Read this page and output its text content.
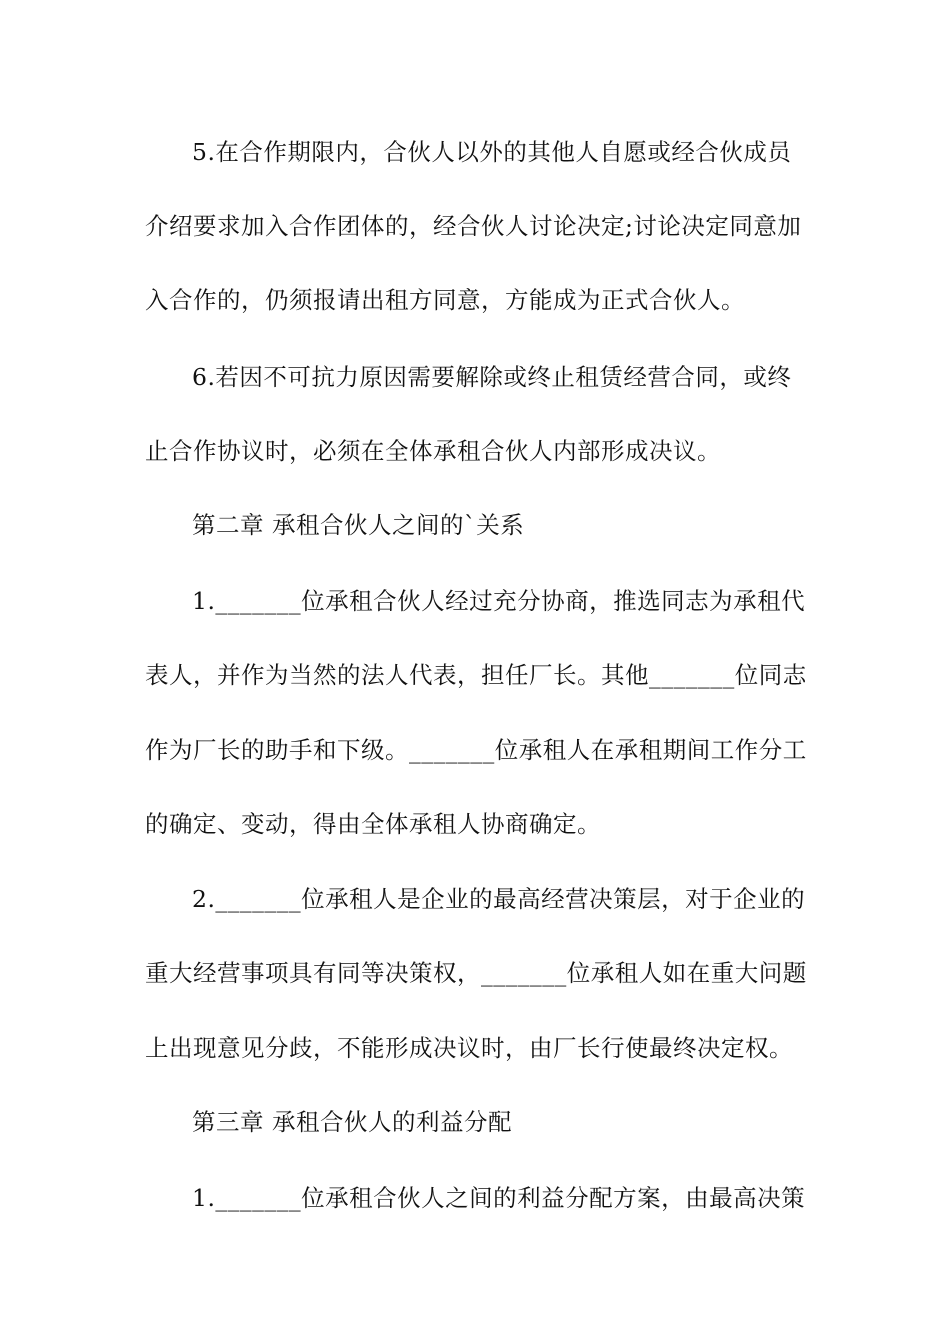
5.在合作期限内，合伙人以外的其他人自愿或经合伙成员
介绍要求加入合作团体的，经合伙人讨论决定;讨论决定同意加
入合作的，仍须报请出租方同意，方能成为正式合伙人。
6.若因不可抗力原因需要解除或终止租赁经营合同，或终
止合作协议时，必须在全体承租合伙人内部形成决议。
第二章 承租合伙人之间的`关系
1._______位承租合伙人经过充分协商，推选同志为承租代
表人，并作为当然的法人代表，担任厂长。其他_______位同志
作为厂长的助手和下级。_______位承租人在承租期间工作分工
的确定、变动，得由全体承租人协商确定。
2._______位承租人是企业的最高经营决策层，对于企业的
重大经营事项具有同等决策权，_______位承租人如在重大问题
上出现意见分歧，不能形成决议时，由厂长行使最终决定权。
第三章 承租合伙人的利益分配
1._______位承租合伙人之间的利益分配方案，由最高决策
